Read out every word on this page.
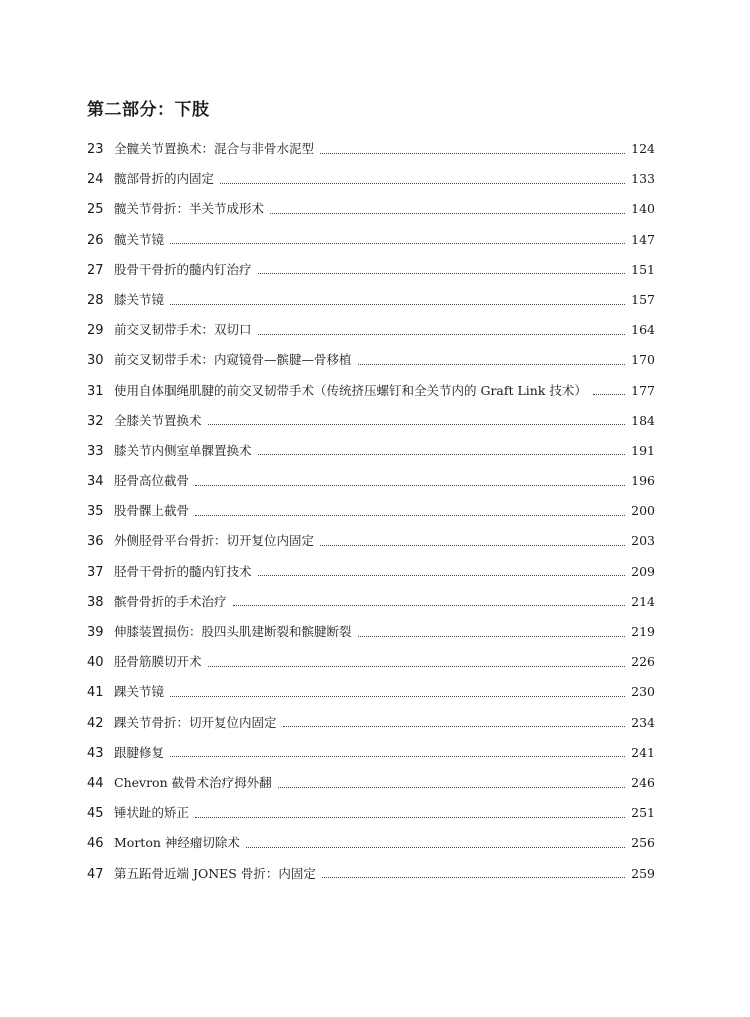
第二部分：下肢
23 全髋关节置换术：混合与非骨水泥型	124
24 髋部骨折的内固定	133
25 髋关节骨折：半关节成形术	140
26 髋关节镜	147
27 股骨干骨折的髓内钉治疗	151
28 膝关节镜	157
29 前交叉韧带手术：双切口	164
30 前交叉韧带手术：内窥镜骨—髌腱—骨移植	170
31 使用自体腘绳肌腱的前交叉韧带手术（传统挤压螺钉和全关节内的 Graft Link 技术）	177
32 全膝关节置换术	184
33 膝关节内侧室单髁置换术	191
34 胫骨高位截骨	196
35 股骨髁上截骨	200
36 外侧胫骨平台骨折：切开复位内固定	203
37 胫骨干骨折的髓内钉技术	209
38 髌骨骨折的手术治疗	214
39 伸膝装置损伤：股四头肌建断裂和髌腱断裂	219
40 胫骨筋膜切开术	226
41 踝关节镜	230
42 踝关节骨折：切开复位内固定	234
43 跟腱修复	241
44 Chevron 截骨术治疗拇外翻	246
45 锤状趾的矫正	251
46 Morton 神经瘤切除术	256
47 第五跖骨近端 JONES 骨折：内固定	259
